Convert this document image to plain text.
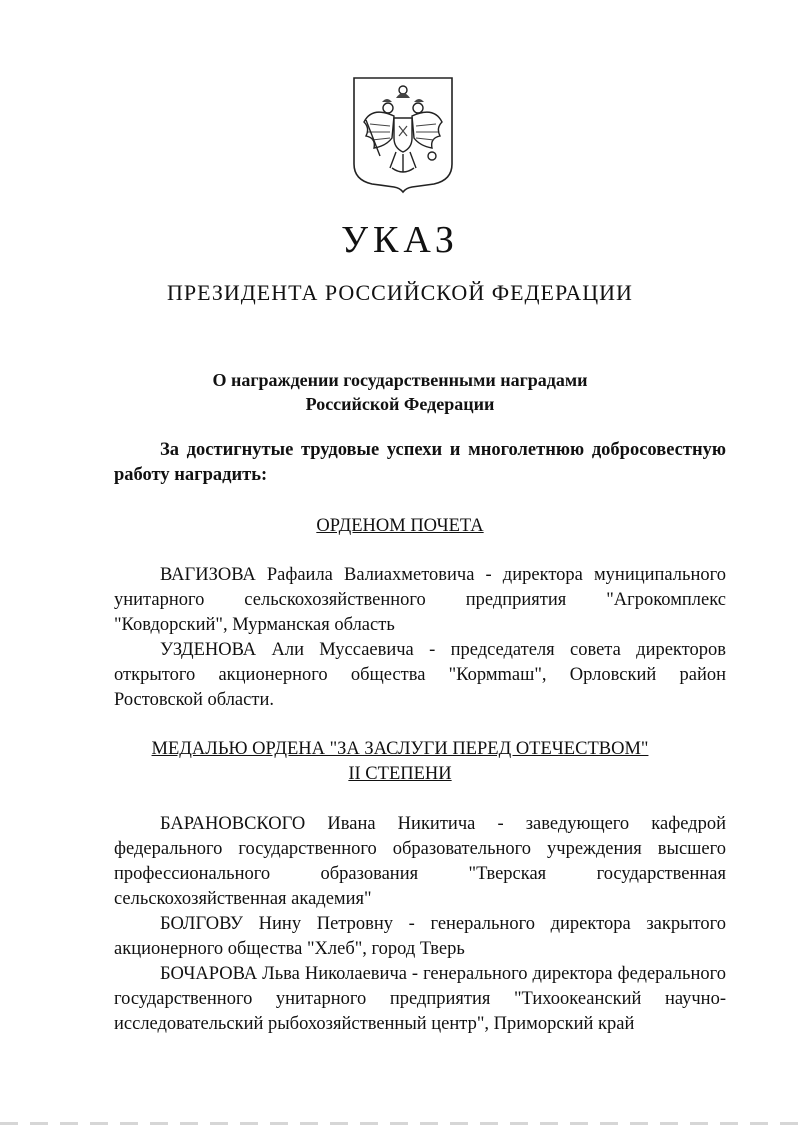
УКАЗ
ПРЕЗИДЕНТА РОССИЙСКОЙ ФЕДЕРАЦИИ
О награждении государственными наградами
Российской Федерации

За достигнутые трудовые успехи и многолетнюю добросовестную работу наградить:

ОРДЕНОМ ПОЧЕТА

ВАГИЗОВА Рафаила Валиахметовича - директора муниципального унитарного сельскохозяйственного предприятия "Агрокомплекс "Ковдорский", Мурманская область

УЗДЕНОВА Али Муссаевича - председателя совета директоров открытого акционерного общества "Кормmаш", Орловский район Ростовской области.

МЕДАЛЬЮ ОРДЕНА "ЗА ЗАСЛУГИ ПЕРЕД ОТЕЧЕСТВОМ"
II СТЕПЕНИ

БАРАНОВСКОГО Ивана Никитича - заведующего кафедрой федерального государственного образовательного учреждения высшего профессионального образования "Тверская государственная сельскохозяйственная академия"

БОЛГОВУ Нину Петровну - генерального директора закрытого акционерного общества "Хлеб", город Тверь

БОЧАРОВА Льва Николаевича - генерального директора федерального государственного унитарного предприятия "Тихоокеанский научно-исследовательский рыбохозяйственный центр", Приморский край
